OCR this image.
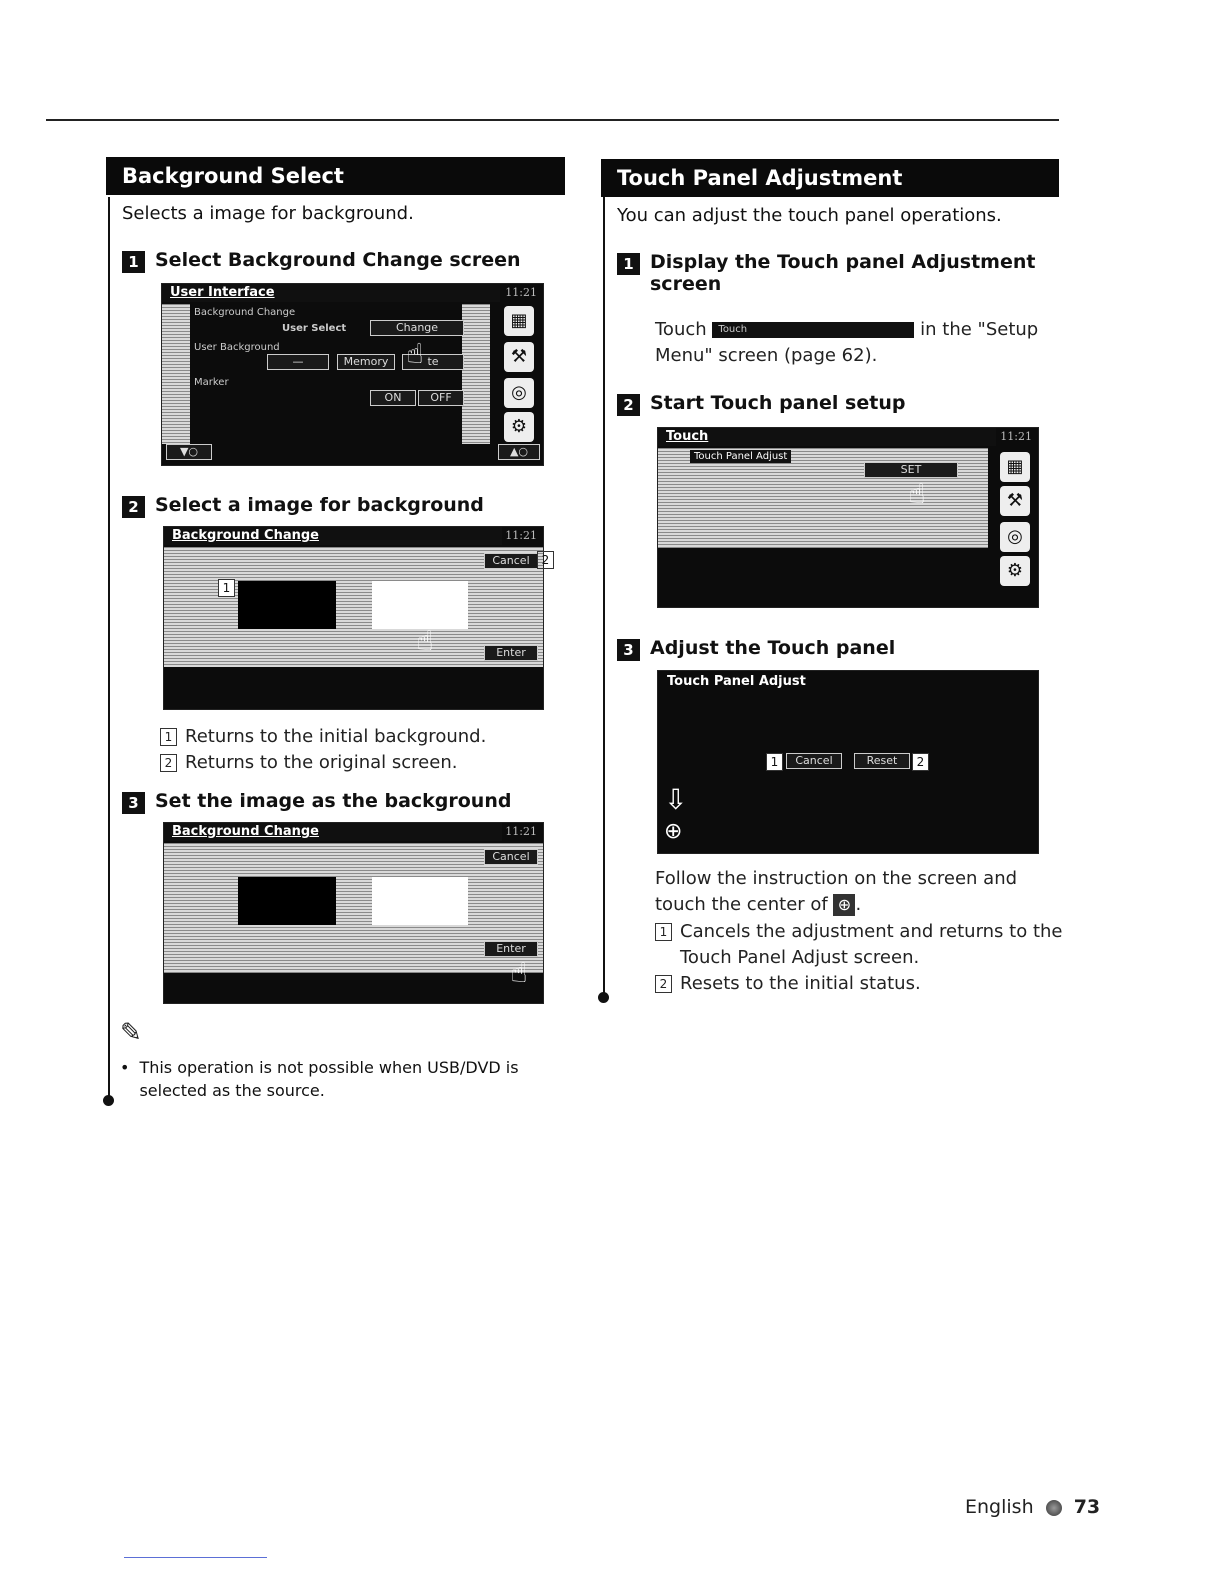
Background Select
Selects a image for background.
1 Select Background Change screen
User Interface	11:21
Background Change
User Select	Change
User Background
—	Memory	te
Marker
ON	OFF
☝
▦
⚒
◎
⚙
▼○	▲○
2 Select a image for background
Background Change	11:21
Cancel
1
Enter
☝
2
1 Returns to the initial background.
2 Returns to the original screen.
3 Set the image as the background
Background Change	11:21
Cancel
Enter
☝
✎
• This operation is not possible when USB/DVD is selected as the source.
Touch Panel Adjustment
You can adjust the touch panel operations.
1 Display the Touch panel Adjustment screen
Touch Touch	in the "Setup Menu" screen (page 62).
2 Start Touch panel setup
Touch	11:21
Touch Panel Adjust
SET
☝
▦
⚒
◎
⚙
3 Adjust the Touch panel
Touch Panel Adjust
1	Cancel	Reset	2
⇩
⊕
Follow the instruction on the screen and touch the center of ⊕ .
1 Cancels the adjustment and returns to the Touch Panel Adjust screen.
2 Resets to the initial status.
English 73
